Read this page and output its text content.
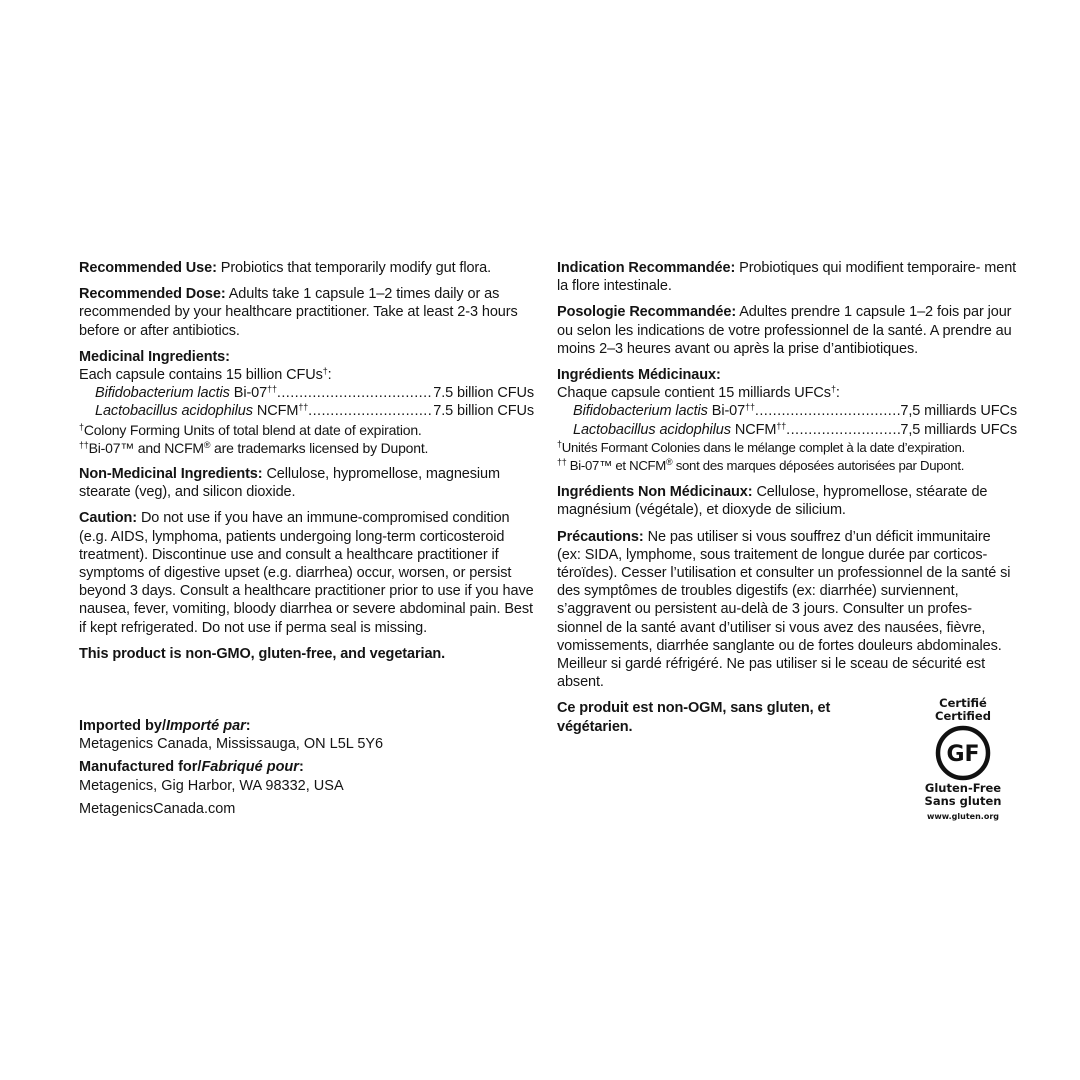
Recommended Use: Probiotics that temporarily modify gut flora.

Recommended Dose: Adults take 1 capsule 1–2 times daily or as recommended by your healthcare practitioner. Take at least 2-3 hours before or after antibiotics.

Medicinal Ingredients:

Each capsule contains 15 billion CFUs†:
Bifidobacterium lactis Bi-07†† .....	7.5 billion CFUs
Lactobacillus acidophilus NCFM†† .....	7.5 billion CFUs
†Colony Forming Units of total blend at date of expiration.

††Bi-07™ and NCFM® are trademarks licensed by Dupont.

Non-Medicinal Ingredients: Cellulose, hypromellose, magnesium stearate (veg), and silicon dioxide.

Caution: Do not use if you have an immune-compromised condition (e.g. AIDS, lymphoma, patients undergoing long-term corticosteroid treatment). Discontinue use and consult a healthcare practitioner if symptoms of digestive upset (e.g. diarrhea) occur, worsen, or persist beyond 3 days. Consult a healthcare practitioner prior to use if you have nausea, fever, vomiting, bloody diarrhea or severe abdominal pain. Best if kept refrigerated. Do not use if perma seal is missing.

This product is non-GMO, gluten-free, and vegetarian.

Indication Recommandée: Probiotiques qui modifient temporaire- ment la flore intestinale.

Posologie Recommandée: Adultes prendre 1 capsule 1–2 fois par jour ou selon les indications de votre professionnel de la santé. A prendre au moins 2–3 heures avant ou après la prise d’antibiotiques.

Ingrédients Médicinaux:

Chaque capsule contient 15 milliards UFCs†:
Bifidobacterium lactis Bi-07†† .....	7,5 milliards UFCs
Lactobacillus acidophilus NCFM†† .....	7,5 milliards UFCs
†Unités Formant Colonies dans le mélange complet à la date d’expiration.

†† Bi-07™ et NCFM® sont des marques déposées autorisées par Dupont.

Ingrédients Non Médicinaux: Cellulose, hypromellose, stéarate de magnésium (végétale), et dioxyde de silicium.

Précautions: Ne pas utiliser si vous souffrez d’un déficit immunitaire (ex: SIDA, lymphome, sous traitement de longue durée par corticos- téroïdes). Cesser l’utilisation et consulter un professionnel de la santé si des symptômes de troubles digestifs (ex: diarrhée) surviennent, s’aggravent ou persistent au-delà de 3 jours. Consulter un profes- sionnel de la santé avant d’utiliser si vous avez des nausées, fièvre, vomissements, diarrhée sanglante ou de fortes douleurs abdominales. Meilleur si gardé réfrigéré. Ne pas utiliser si le sceau de sécurité est absent.

Ce produit est non-OGM, sans gluten, et végétarien.

Imported by/Importé par:
Metagenics Canada, Mississauga, ON L5L 5Y6

Manufactured for/Fabriqué pour:
Metagenics, Gig Harbor, WA 98332, USA

MetagenicsCanada.com

Certifié
Certified
GF
Gluten-Free
Sans gluten
www.gluten.org
